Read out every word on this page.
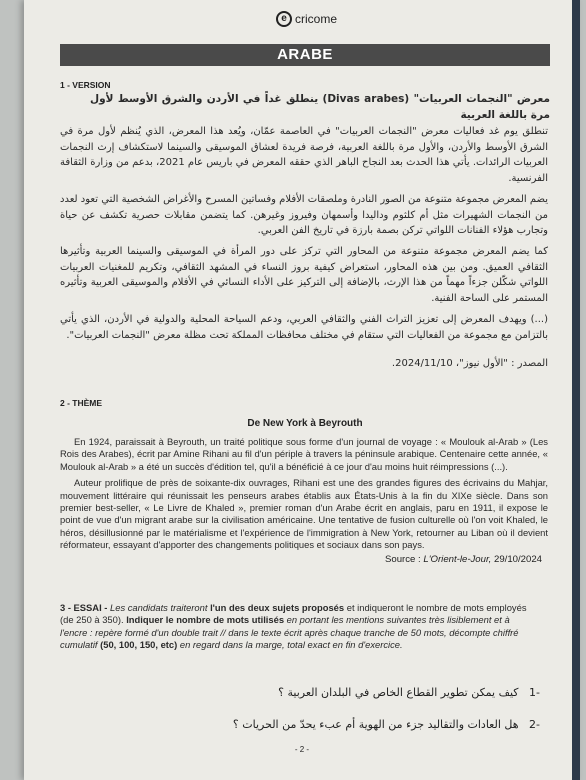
e cricome
ARABE
1 - VERSION
معرض "النجمات العربيات" (Divas arabes) ينطلق غداً في الأردن والشرق الأوسط لأول مرة باللغة العربية
تنطلق يوم غد فعاليات معرض "النجمات العربيات" في العاصمة عمّان، ويُعد هذا المعرض، الذي يُنظم لأول مرة في الشرق الأوسط والأردن، والأول مرة باللغة العربية، فرصة فريدة لعشاق الموسيقى والسينما لاستكشاف إرث النجمات العربيات الرائدات. يأتي هذا الحدث بعد النجاح الباهر الذي حققه المعرض في باريس عام 2021، بدعم من وزارة الثقافة الفرنسية.
يضم المعرض مجموعة متنوعة من الصور النادرة وملصقات الأفلام وفساتين المسرح والأغراض الشخصية التي تعود لعدد من النجمات الشهيرات مثل أم كلثوم وداليدا وأسمهان وفيروز وغيرهن. كما يتضمن مقابلات حصرية تكشف عن حياة وتجارب هؤلاء الفنانات اللواتي تركن بصمة بارزة في تاريخ الفن العربي.
كما يضم المعرض مجموعة متنوعة من المحاور التي تركز على دور المرأة في الموسيقى والسينما العربية وتأثيرها الثقافي العميق. ومن بين هذه المحاور، استعراض كيفية بروز النساء في المشهد الثقافي، وتكريم للمغنيات العربيات اللواتي شكّلن جزءاً مهماً من هذا الإرث، بالإضافة إلى التركيز على الأداء النسائي في الأفلام والموسيقى العربية وتأثيره المستمر على الساحة الفنية.
(...) ويهدف المعرض إلى تعزيز التراث الفني والثقافي العربي، ودعم السياحة المحلية والدولية في الأردن، الذي يأتي بالتزامن مع مجموعة من الفعاليات التي ستقام في مختلف محافظات المملكة تحت مظلة معرض "النجمات العربيات".
المصدر : "الأول نيوز"، 2024/11/10.
2 - THÈME
De New York à Beyrouth

En 1924, paraissait à Beyrouth, un traité politique sous forme d'un journal de voyage : « Moulouk al-Arab » (Les Rois des Arabes), écrit par Amine Rihani au fil d'un périple à travers la péninsule arabique. Centenaire cette année, « Moulouk al-Arab » a été un succès d'édition tel, qu'il a bénéficié à ce jour d'au moins huit réimpressions (...).

Auteur prolifique de près de soixante-dix ouvrages, Rihani est une des grandes figures des écrivains du Mahjar, mouvement littéraire qui réunissait les penseurs arabes établis aux États-Unis à la fin du XIXe siècle. Dans son premier best-seller, « Le Livre de Khaled », premier roman d'un Arabe écrit en anglais, paru en 1911, il expose le point de vue d'un migrant arabe sur la civilisation américaine. Une tentative de fusion culturelle où l'on voit Khaled, le héros, désillusionné par le matérialisme et l'expérience de l'immigration à New York, retourner au Liban où il devient réformateur, essayant d'apporter des changements politiques et sociaux dans son pays.

Source : L'Orient-le-Jour, 29/10/2024
3 - ESSAI - Les candidats traiteront l'un des deux sujets proposés et indiqueront le nombre de mots employés (de 250 à 350). Indiquer le nombre de mots utilisés en portant les mentions suivantes très lisiblement et à l'encre : repère formé d'un double trait // dans le texte écrit après chaque tranche de 50 mots, décompte chiffré cumulatif (50, 100, 150, etc) en regard dans la marge, total exact en fin d'exercice.
-1   كيف يمكن تطوير القطاع الخاص في البلدان العربية ؟
-2   هل العادات والتقاليد جزء من الهوية أم عبء يحدّ من الحريات ؟
- 2 -
